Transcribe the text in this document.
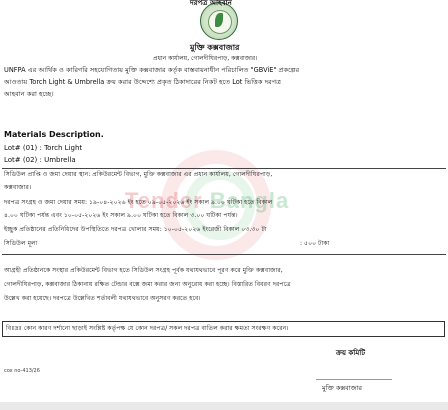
Tender Bangla
দরপত্র আহবান
মুক্তি কক্সবাজার
প্রধান কার্যালয়, গোলদীঘিরপাড়, কক্সবাজার।
UNFPA এর আর্থিক ও কারিগরি সহযোগিতায় মুক্তি কক্সবাজার কর্তৃক বাস্তবায়নাধীন পরিচালিত "GBViE" প্রকল্পের
আওতায় Torch Light & Umbrella ক্রয় করার উদ্দেশ্যে প্রকৃত ঠিকাদারের নিকট হতে Lot ভিত্তিক দরপত্র
আহবান করা হচ্ছে।
Materials Description.
Lot# (01) : Torch Light
Lot# (02) : Umbrella
সিডিউল প্রাপ্তি ও জমা দেয়ার স্থান: প্রকিউরমেন্ট বিভাগ, মুক্তি কক্সবাজার এর প্রধান কার্যালয়, গোলদীঘিরপাড়,
কক্সবাজার।
দরপত্র সংগ্রহ ও জমা দেয়ার সময়: ১৯-০৪-২০২৬ ইং হতে ০৯-০৫-২০২৬ ইং সকাল ৯.০০ ঘটিকা হতে বিকাল
৪.০০ ঘটিকা পর্যন্ত এবং ১০-০৫-২০২৬ ইং সকাল ৯.০০ ঘটিকা হতে বিকাল ৩.০০ ঘটিকা পর্যন্ত।
ইচ্ছুক প্রতিষ্ঠানের প্রতিনিধিদের উপস্থিতিতে দরপত্র খোলার সময়: ১০-০৫-২০২৬ ইংরেজী বিকাল ০৩.৩০ টা
সিডিউল মূল্য	: ৫০০ টাকা
আগ্রহী প্রতিষ্ঠানকে সংস্থার প্রকিউরমেন্ট বিভাগ হতে সিডিউল সংগ্রহ পূর্বক যথাযথভাবে পূরণ করে মুক্তি কক্সবাজার,
গোলদীঘিরপাড়, কক্সবাজার ঠিকানায় রক্ষিত টেন্ডার বক্সে জমা করার জন্য অনুরোধ করা হচ্ছে। বিস্তারিত বিবরণ দরপত্রে
উল্লেখ করা হয়েছে। দরপত্রে উল্লেখিত শর্তাবলী যথাযথভাবে অনুসরণ করতে হবে।
বিঃদ্রঃ কোন কারণ দর্শানো ছাড়াই সংশ্লিষ্ট কর্তৃপক্ষ যে কোন দরপত্র/ সকল দরপত্র বাতিল করার ক্ষমতা সংরক্ষণ করেন।
ক্রয় কমিটি
cox no-413/26
মুক্তি কক্সবাজার
